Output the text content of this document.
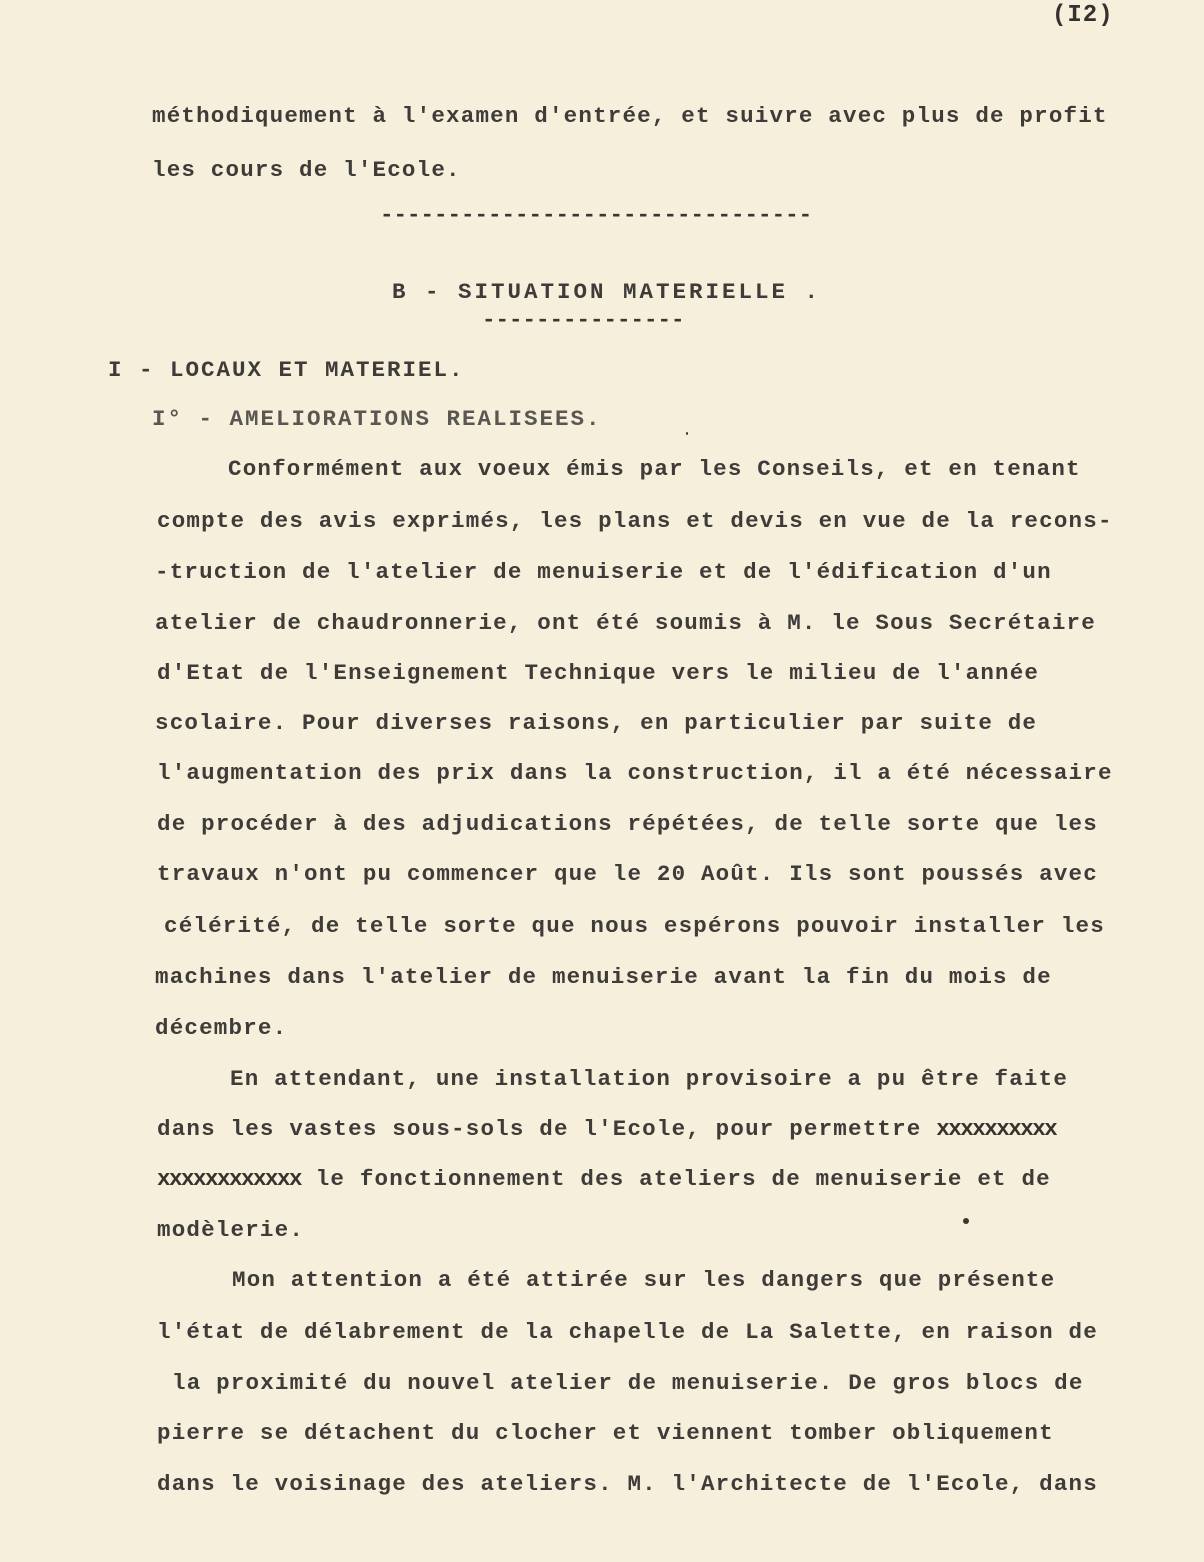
(I2)
méthodiquement à l'examen d'entrée, et suivre avec plus de profit
les cours de l'Ecole.
--------------------------------
B - SITUATION MATERIELLE .
---------------
I - LOCAUX ET MATERIEL.
I° - AMELIORATIONS REALISEES.
Conformément aux voeux émis par les Conseils, et en tenant
compte des avis exprimés, les plans et devis en vue de la recons-
-truction de l'atelier de menuiserie et de l'édification d'un
atelier de chaudronnerie, ont été soumis à M. le Sous Secrétaire
d'Etat de l'Enseignement Technique vers le milieu de l'année
scolaire. Pour diverses raisons, en particulier par suite de
l'augmentation des prix dans la construction, il a été nécessaire
de procéder à des adjudications répétées, de telle sorte que les
travaux n'ont pu commencer que le 20 Août. Ils sont poussés avec
célérité, de telle sorte que nous espérons pouvoir installer les
machines dans l'atelier de menuiserie avant la fin du mois de
décembre.
En attendant, une installation provisoire a pu être faite
dans les vastes sous-sols de l'Ecole, pour permettre xxxxxxxxxx
xxxxxxxxxxxx le fonctionnement des ateliers de menuiserie et de
modèlerie.
Mon attention a été attirée sur les dangers que présente
l'état de délabrement de la chapelle de La Salette, en raison de
la proximité du nouvel atelier de menuiserie. De gros blocs de
pierre se détachent du clocher et viennent tomber obliquement
dans le voisinage des ateliers. M. l'Architecte de l'Ecole, dans
